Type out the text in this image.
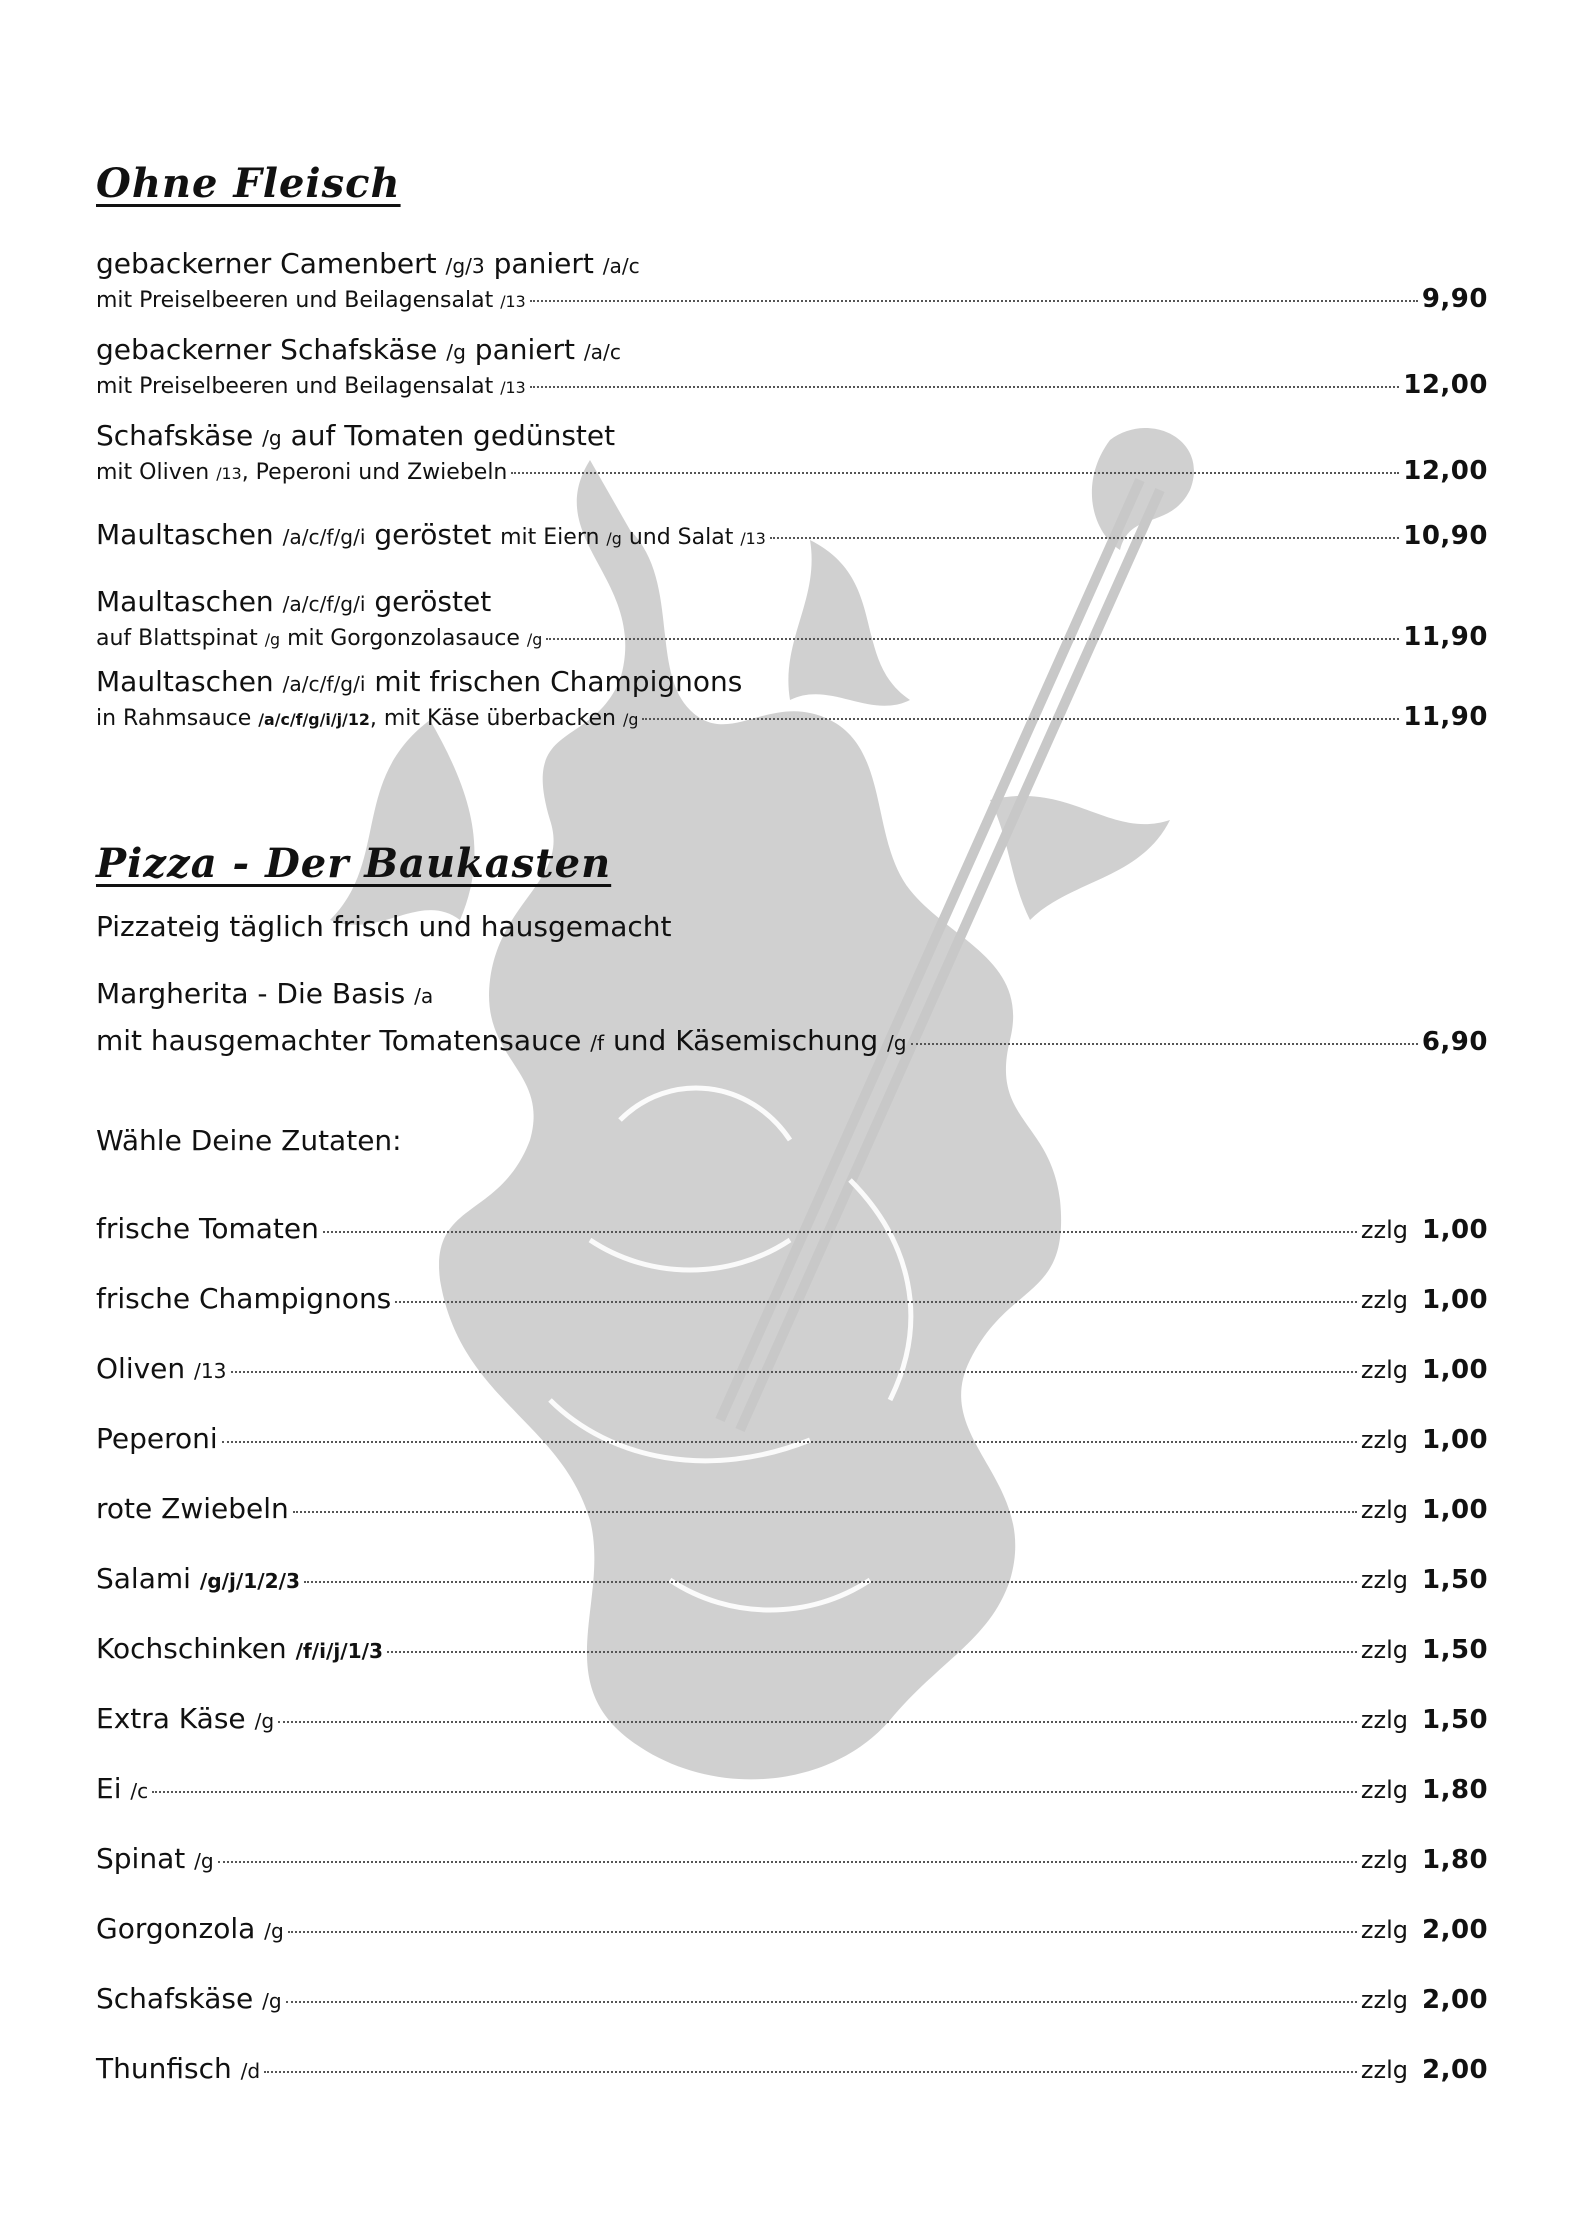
Ohne Fleisch
gebackerner Camenbert /g/3 paniert /a/c
mit Preiselbeeren und Beilagensalat /13	9,90
gebackerner Schafskäse /g paniert /a/c
mit Preiselbeeren und Beilagensalat /13	12,00
Schafskäse /g auf Tomaten gedünstet
mit Oliven /13, Peperoni und Zwiebeln	12,00
Maultaschen /a/c/f/g/i geröstet mit Eiern /g und Salat /13	10,90
Maultaschen /a/c/f/g/i geröstet
auf Blattspinat /g mit Gorgonzolasauce /g	11,90
Maultaschen /a/c/f/g/i mit frischen Champignons
in Rahmsauce /a/c/f/g/i/j/12, mit Käse überbacken /g	11,90
Pizza - Der Baukasten

Pizzateig täglich frisch und hausgemacht

Margherita - Die Basis /a
mit hausgemachter Tomatensauce /f und Käsemischung /g	6,90

Wähle Deine Zutaten:

frische Tomaten	zzlg 1,00
frische Champignons	zzlg 1,00
Oliven /13	zzlg 1,00
Peperoni	zzlg 1,00
rote Zwiebeln	zzlg 1,00
Salami /g/j/1/2/3	zzlg 1,50
Kochschinken /f/i/j/1/3	zzlg 1,50
Extra Käse /g	zzlg 1,50
Ei /c	zzlg 1,80
Spinat /g	zzlg 1,80
Gorgonzola /g	zzlg 2,00
Schafskäse /g	zzlg 2,00
Thunfisch /d	zzlg 2,00
